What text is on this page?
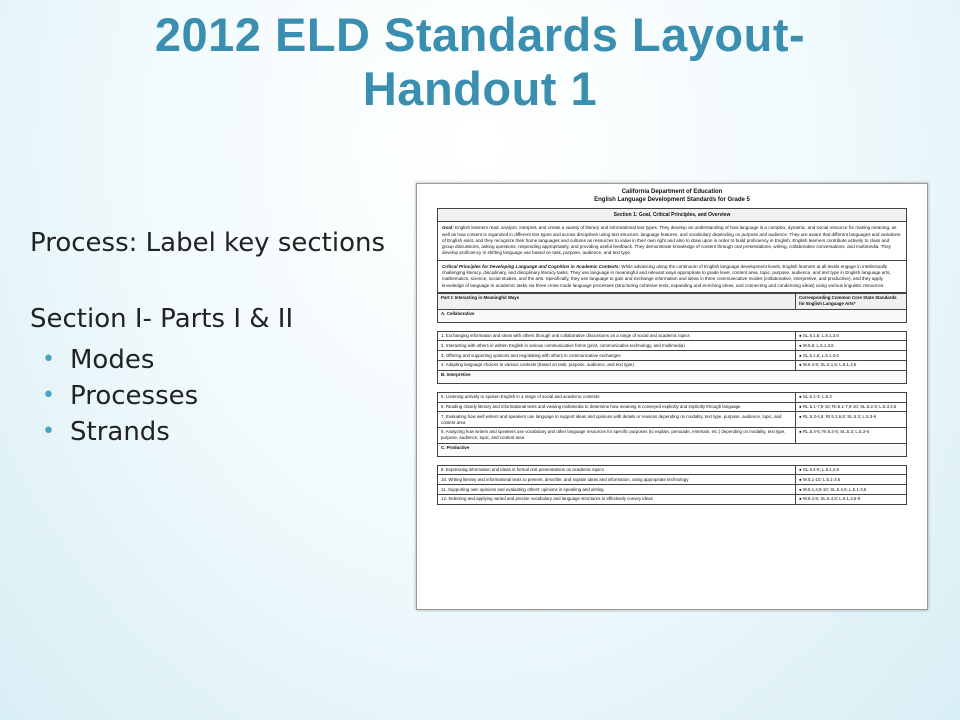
2012 ELD Standards Layout- Handout 1

Process: Label key sections

Section I- Parts I & II

• Modes
• Processes
• Strands
California Department of Education
English Language Development Standards for Grade 5
Section 1: Goal, Critical Principles, and Overview
Goal: English learners read, analyze, interpret, and create a variety of literary and informational text types. They develop an understanding of how language is a complex, dynamic, and social resource for making meaning, as well as how content is organized in different text types and across disciplines using text structure, language features, and vocabulary depending on purpose and audience. They are aware that different languages and variations of English exist, and they recognize their home languages and cultures as resources to value in their own right and also to draw upon in order to build proficiency in English. English learners contribute actively to class and group discussions, asking questions, responding appropriately, and providing useful feedback. They demonstrate knowledge of content through oral presentations, writing, collaborative conversations, and multimedia. They develop proficiency in shifting language use based on task, purpose, audience, and text type.
Critical Principles for Developing Language and Cognition in Academic Contexts: While advancing along the continuum of English language development levels, English learners at all levels engage in intellectually challenging literacy, disciplinary, and disciplinary literacy tasks. They use language in meaningful and relevant ways appropriate to grade level, content area, topic, purpose, audience, and text type in English language arts, mathematics, science, social studies, and the arts. Specifically, they use language to gain and exchange information and ideas in three communicative modes (collaborative, interpretive, and productive), and they apply knowledge of language to academic tasks via three cross-mode language processes (structuring cohesive texts, expanding and enriching ideas, and connecting and condensing ideas) using various linguistic resources.
Part I: Interacting in Meaningful Ways	Corresponding Common Core State Standards for English Language Arts*
A. Collaborative	

1. Exchanging information and ideas with others through oral collaborative discussions on a range of social and academic topics	● SL.5.1,6; L.5.1,3,6
2. Interacting with others in written English in various communicative forms (print, communicative technology, and multimedia)	● W.5.6; L.5.1,3,6
3. Offering and supporting opinions and negotiating with others in communicative exchanges	● SL.5.1,6; L.5.1,3,6
4. Adapting language choices to various contexts (based on task, purpose, audience, and text type)	● W.5.4-5; SL.5.1,6; L.5.1,3,6
B. Interpretive	

5. Listening actively to spoken English in a range of social and academic contexts	● SL.5.1-3; L.5.3
6. Reading closely literary and informational texts and viewing multimedia to determine how meaning is conveyed explicitly and implicitly through language	● RL.5.1-7,9-10; RI.5.1-7,9-10; SL.5.2-3; L.5.3,4,6
7. Evaluating how well writers and speakers use language to support ideas and opinions with details or reasons depending on modality, text type, purpose, audience, topic, and content area	● RL.5.3-4,6; RI.5.2,6,8; SL.5.3; L.5.3-6
8. Analyzing how writers and speakers use vocabulary and other language resources for specific purposes (to explain, persuade, entertain, etc.) depending on modality, text type, purpose, audience, topic, and content area	● RL.5.4-5; RI.5.4-5; SL.5.3; L.5.3-6
C. Productive	

9. Expressing information and ideas in formal oral presentations on academic topics	● SL.5.4-6; L.5.1,3,6
10. Writing literary and informational texts to present, describe, and explain ideas and information, using appropriate technology	● W.5.1-10; L.5.1-3,6
11. Supporting own opinions and evaluating others' opinions in speaking and writing	● W.5.1,4,9-10; SL.5.4,6; L.5.1-3,6
12. Selecting and applying varied and precise vocabulary and language structures to effectively convey ideas	● W.5.4-5; SL.5.4,6; L.5.1,3,5-6
